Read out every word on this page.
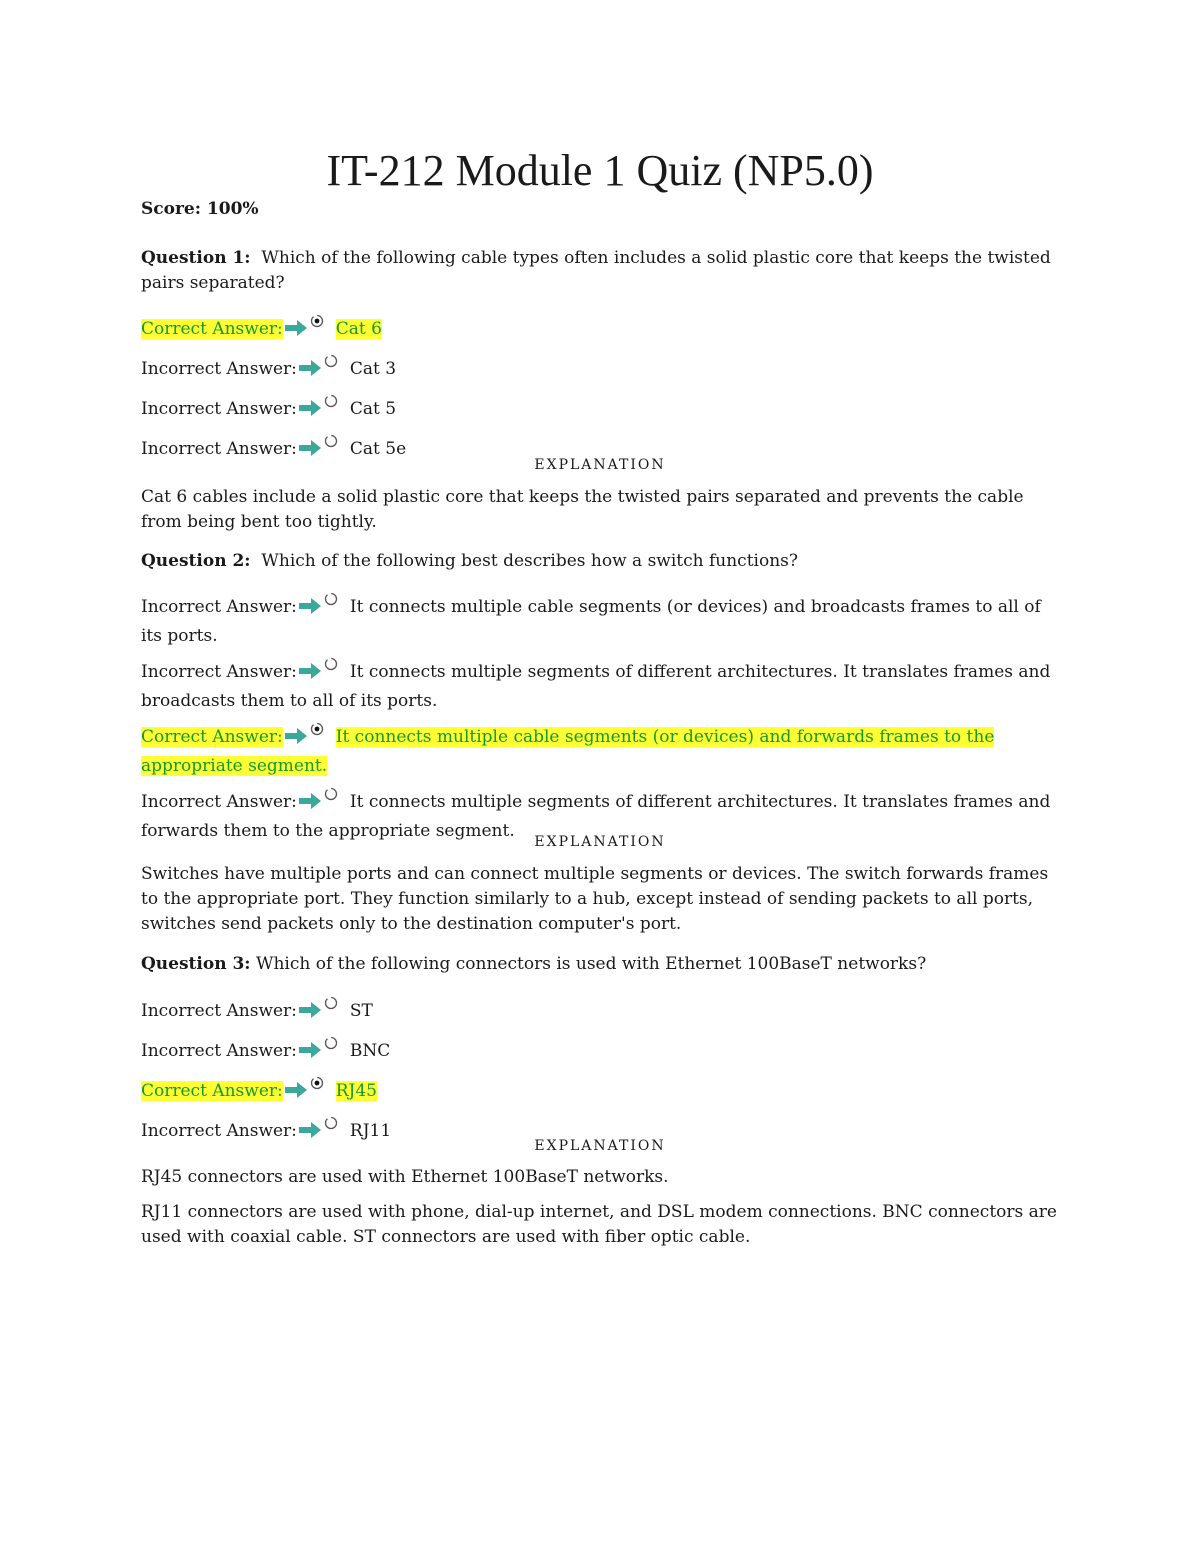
IT-212 Module 1 Quiz (NP5.0)
Score: 100%

Question 1: Which of the following cable types often includes a solid plastic core that keeps the twisted pairs separated?

Correct Answer:	Cat 6
Incorrect Answer:	Cat 3
Incorrect Answer:	Cat 5
Incorrect Answer:	Cat 5e
EXPLANATION

Cat 6 cables include a solid plastic core that keeps the twisted pairs separated and prevents the cable from being bent too tightly.

Question 2: Which of the following best describes how a switch functions?

Incorrect Answer:	It connects multiple cable segments (or devices) and broadcasts frames to all of its ports.
Incorrect Answer:	It connects multiple segments of different architectures. It translates frames and broadcasts them to all of its ports.
Correct Answer:	It connects multiple cable segments (or devices) and forwards frames to the appropriate segment.
Incorrect Answer:	It connects multiple segments of different architectures. It translates frames and forwards them to the appropriate segment.
EXPLANATION

Switches have multiple ports and can connect multiple segments or devices. The switch forwards frames to the appropriate port. They function similarly to a hub, except instead of sending packets to all ports, switches send packets only to the destination computer's port.

Question 3: Which of the following connectors is used with Ethernet 100BaseT networks?

Incorrect Answer:	ST
Incorrect Answer:	BNC
Correct Answer:	RJ45
Incorrect Answer:	RJ11
EXPLANATION

RJ45 connectors are used with Ethernet 100BaseT networks.

RJ11 connectors are used with phone, dial-up internet, and DSL modem connections. BNC connectors are used with coaxial cable. ST connectors are used with fiber optic cable.
